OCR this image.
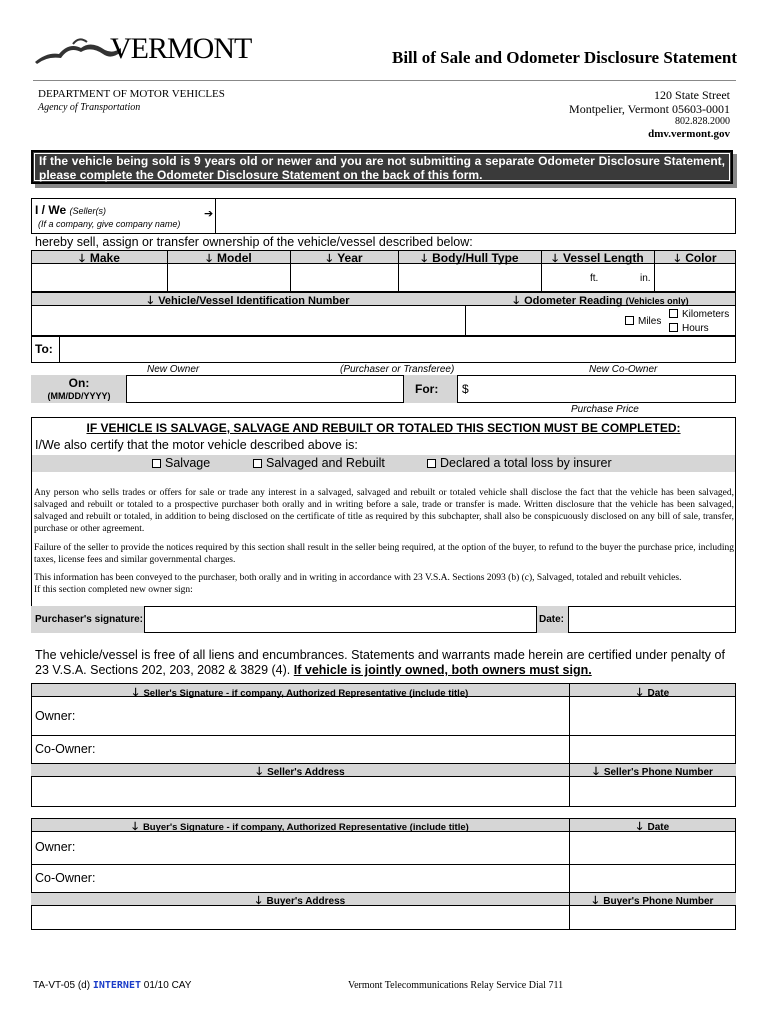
VERMONT	Bill of Sale and Odometer Disclosure Statement
DEPARTMENT OF MOTOR VEHICLES
Agency of Transportation
120 State Street
Montpelier, Vermont 05603-0001
802.828.2000
dmv.vermont.gov
If the vehicle being sold is 9 years old or newer and you are not submitting a separate Odometer Disclosure Statement, please complete the Odometer Disclosure Statement on the back of this form.
I / We (Seller(s)
(If a company, give company name)
➔
hereby sell, assign or transfer ownership of the vehicle/vessel described below:
🡓 Make	🡓 Model	🡓 Year	🡓 Body/Hull Type	🡓 Vessel Length	🡓 Color
ft.	in.
🡓 Vehicle/Vessel Identification Number	🡓 Odometer Reading (Vehicles only)
Miles
Kilometers
Hours
To:
New Owner	(Purchaser or Transferee)	New Co-Owner
On:
(MM/DD/YYYY)	For: $
Purchase Price
IF VEHICLE IS SALVAGE, SALVAGE AND REBUILT OR TOTALED THIS SECTION MUST BE COMPLETED:
I/We also certify that the motor vehicle described above is:
Salvage	Salvaged and Rebuilt	Declared a total loss by insurer
Any person who sells trades or offers for sale or trade any interest in a salvaged, salvaged and rebuilt or totaled vehicle shall disclose the fact that the vehicle has been salvaged, salvaged and rebuilt or totaled to a prospective purchaser both orally and in writing before a sale, trade or transfer is made. Written disclosure that the vehicle has been salvaged, salvaged and rebuilt or totaled, in addition to being disclosed on the certificate of title as required by this subchapter, shall also be conspicuously disclosed on any bill of sale, transfer, purchase or other agreement.
Failure of the seller to provide the notices required by this section shall result in the seller being required, at the option of the buyer, to refund to the buyer the purchase price, including taxes, license fees and similar governmental charges.
This information has been conveyed to the purchaser, both orally and in writing in accordance with 23 V.S.A. Sections 2093 (b) (c), Salvaged, totaled and rebuilt vehicles.
If this section completed new owner sign:
Purchaser's signature:	Date:
The vehicle/vessel is free of all liens and encumbrances. Statements and warrants made herein are certified under penalty of 23 V.S.A. Sections 202, 203, 2082 & 3829 (4). If vehicle is jointly owned, both owners must sign.
🡓 Seller's Signature - if company, Authorized Representative (include title)	🡓 Date
Owner:
Co-Owner:
🡓 Seller's Address	🡓 Seller's Phone Number
🡓 Buyer's Signature - if company, Authorized Representative (include title)	🡓 Date
Owner:
Co-Owner:
🡓 Buyer's Address	🡓 Buyer's Phone Number
TA-VT-05 (d) INTERNET 01/10 CAY	Vermont Telecommunications Relay Service Dial 711
